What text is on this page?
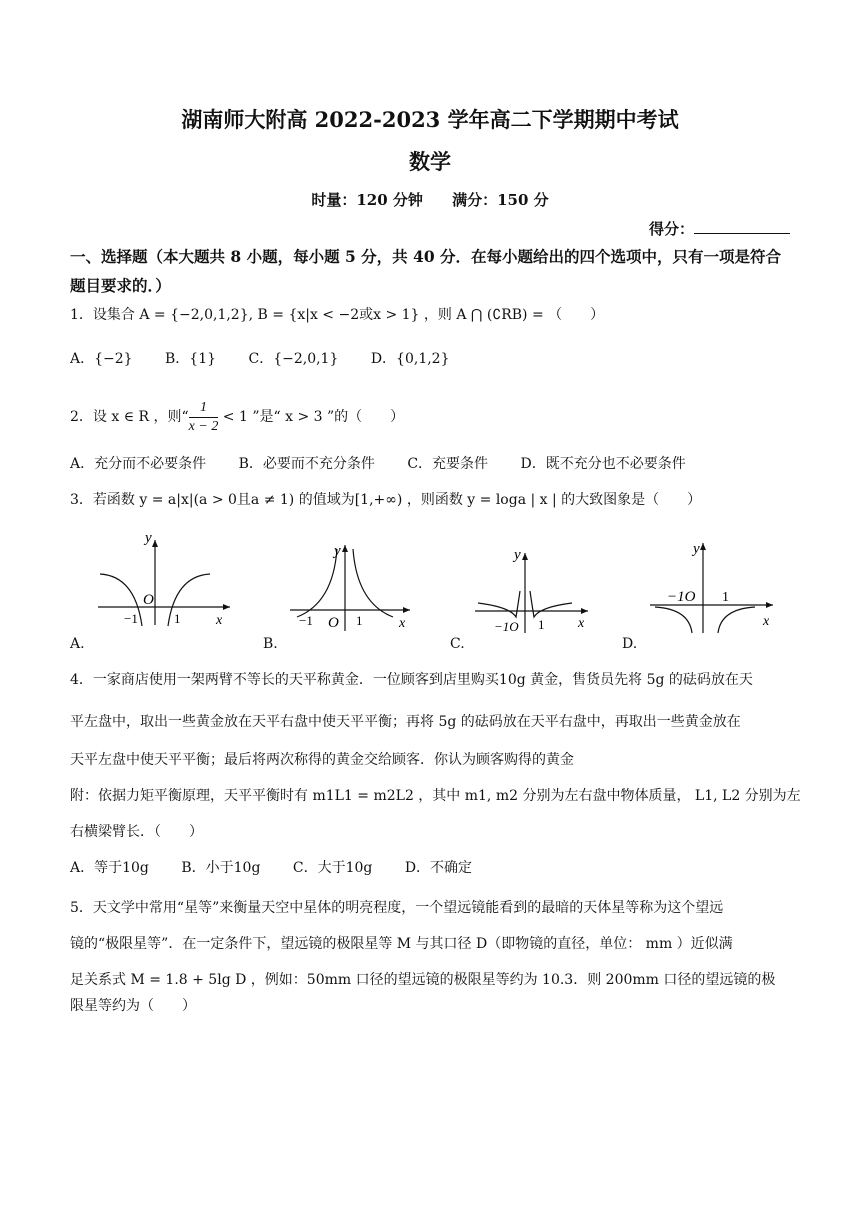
湖南师大附高 2022-2023 学年高二下学期期中考试
数学
时量：120 分钟 满分：150 分
得分：
一、选择题（本大题共 8 小题，每小题 5 分，共 40 分．在每小题给出的四个选项中，只有一项是符合题目要求的．）
1．设集合 A = {−2,0,1,2}, B = {x|x < −2或x > 1} ，则 A ⋂ (∁RB) = （　　）
A．{−2} B．{1} C．{−2,0,1} D．{0,1,2}
2．设 x ∈ R ，则“ $\frac{1}{x - 2} < 1$ ”是“ x > 3 ”的（　　）
A．充分而不必要条件 B．必要而不充分条件 C．充要条件 D．既不充分也不必要条件
3．若函数 y = a|x|(a > 0且a ≠ 1) 的值域为[1,+∞) ，则函数 y = loga | x | 的大致图象是（　　）
A.
y
x
O
−1	1
B.
y
x
O
−1	1
C.
y
x
−1O 1
D.
y
x
−1O 1
4．一家商店使用一架两臂不等长的天平称黄金．一位顾客到店里购买10g 黄金，售货员先将 5g 的砝码放在天
平左盘中，取出一些黄金放在天平右盘中使天平平衡；再将 5g 的砝码放在天平右盘中，再取出一些黄金放在
天平左盘中使天平平衡；最后将两次称得的黄金交给顾客．你认为顾客购得的黄金
附：依据力矩平衡原理，天平平衡时有 m1L1 = m2L2 ，其中 m1, m2 分别为左右盘中物体质量， L1, L2 分别为左
右横梁臂长．（　　）
A．等于10g B．小于10g C．大于10g D．不确定
5．天文学中常用“星等”来衡量天空中星体的明亮程度，一个望远镜能看到的最暗的天体星等称为这个望远
镜的“极限星等”．在一定条件下，望远镜的极限星等 M 与其口径 D（即物镜的直径，单位： mm ）近似满
足关系式 M = 1.8 + 5lg D ，例如：50mm 口径的望远镜的极限星等约为 10.3．则 200mm 口径的望远镜的极
限星等约为（　　）
